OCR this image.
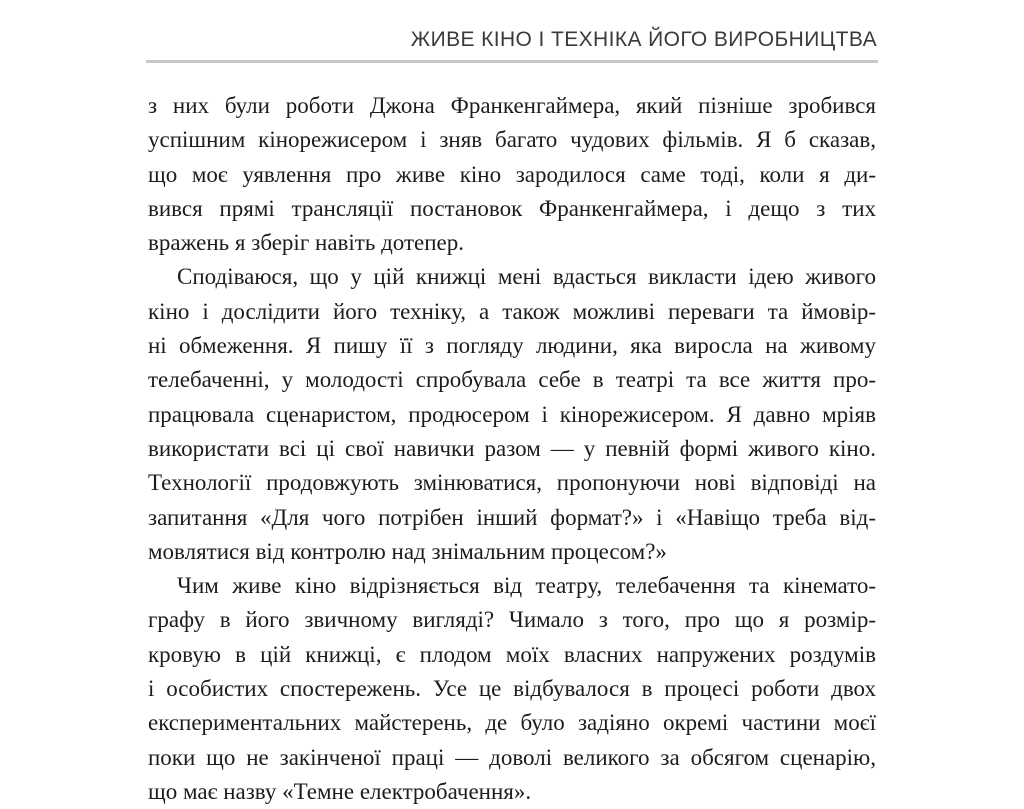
ЖИВЕ КІНО І ТЕХНІКА ЙОГО ВИРОБНИЦТВА
з них були роботи Джона Франкенгаймера, який пізніше зробився
успішним кінорежисером і зняв багато чудових фільмів. Я б сказав,
що моє уявлення про живе кіно зародилося саме тоді, коли я ди-
вився прямі трансляції постановок Франкенгаймера, і дещо з тих
вражень я зберіг навіть дотепер.
Сподіваюся, що у цій книжці мені вдасться викласти ідею живого
кіно і дослідити його техніку, а також можливі переваги та ймовір-
ні обмеження. Я пишу її з погляду людини, яка виросла на живому
телебаченні, у молодості спробувала себе в театрі та все життя про-
працювала сценаристом, продюсером і кінорежисером. Я давно мріяв
використати всі ці свої навички разом — у певній формі живого кіно.
Технології продовжують змінюватися, пропонуючи нові відповіді на
запитання «Для чого потрібен інший формат?» і «Навіщо треба від-
мовлятися від контролю над знімальним процесом?»
Чим живе кіно відрізняється від театру, телебачення та кінемато-
графу в його звичному вигляді? Чимало з того, про що я розмір-
кровую в цій книжці, є плодом моїх власних напружених роздумів
і особистих спостережень. Усе це відбувалося в процесі роботи двох
експериментальних майстерень, де було задіяно окремі частини моєї
поки що не закінченої праці — доволі великого за обсягом сценарію,
що має назву «Темне електробачення».
